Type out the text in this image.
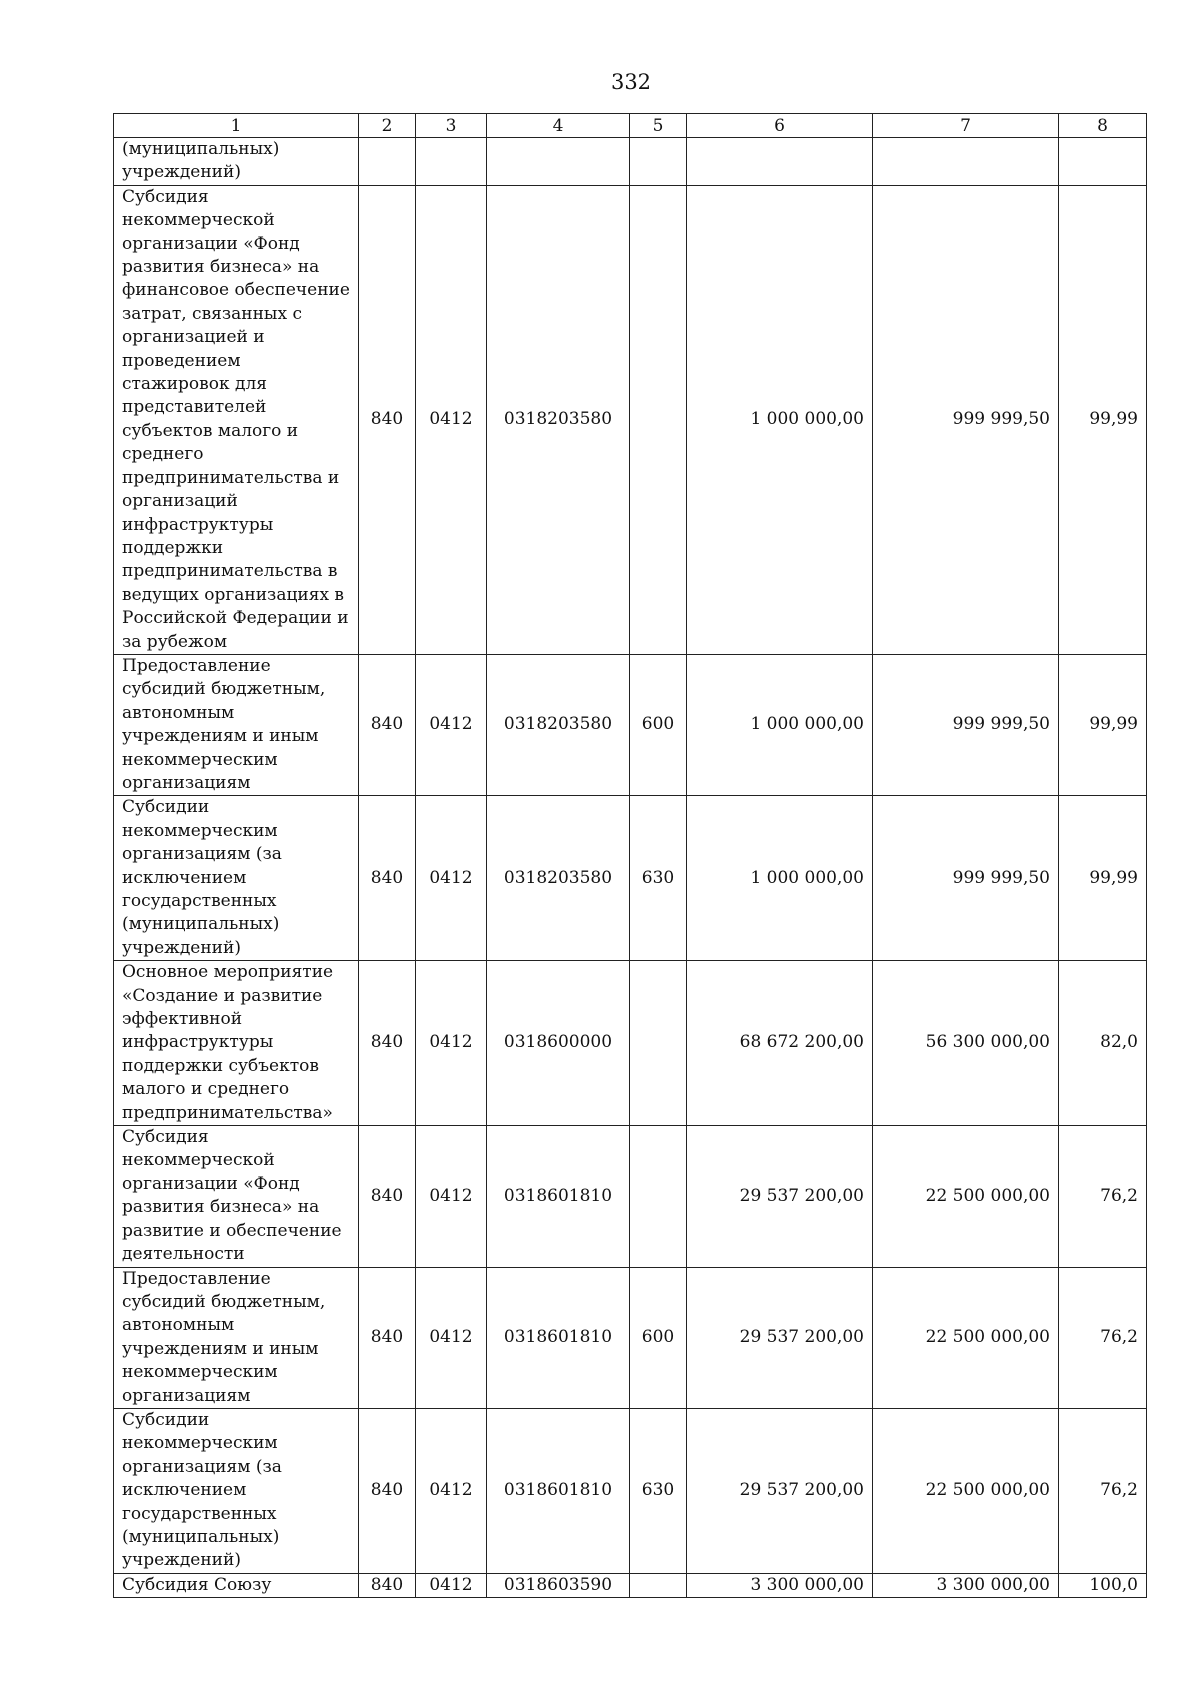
332
1	2	3	4	5	6	7	8
(муниципальных) учреждений)							
Субсидия некоммерческой организации «Фонд развития бизнеса» на финансовое обеспечение затрат, связанных с организацией и проведением стажировок для представителей субъектов малого и среднего предпринимательства и организаций инфраструктуры поддержки предпринимательства в ведущих организациях в Российской Федерации и за рубежом	840	0412	0318203580		1 000 000,00	999 999,50	99,99
Предоставление субсидий бюджетным, автономным учреждениям и иным некоммерческим организациям	840	0412	0318203580	600	1 000 000,00	999 999,50	99,99
Субсидии некоммерческим организациям (за исключением государственных (муниципальных) учреждений)	840	0412	0318203580	630	1 000 000,00	999 999,50	99,99
Основное мероприятие «Создание и развитие эффективной инфраструктуры поддержки субъектов малого и среднего предпринимательства»	840	0412	0318600000		68 672 200,00	56 300 000,00	82,0
Субсидия некоммерческой организации «Фонд развития бизнеса» на развитие и обеспечение деятельности	840	0412	0318601810		29 537 200,00	22 500 000,00	76,2
Предоставление субсидий бюджетным, автономным учреждениям и иным некоммерческим организациям	840	0412	0318601810	600	29 537 200,00	22 500 000,00	76,2
Субсидии некоммерческим организациям (за исключением государственных (муниципальных) учреждений)	840	0412	0318601810	630	29 537 200,00	22 500 000,00	76,2
Субсидия Союзу	840	0412	0318603590		3 300 000,00	3 300 000,00	100,0
